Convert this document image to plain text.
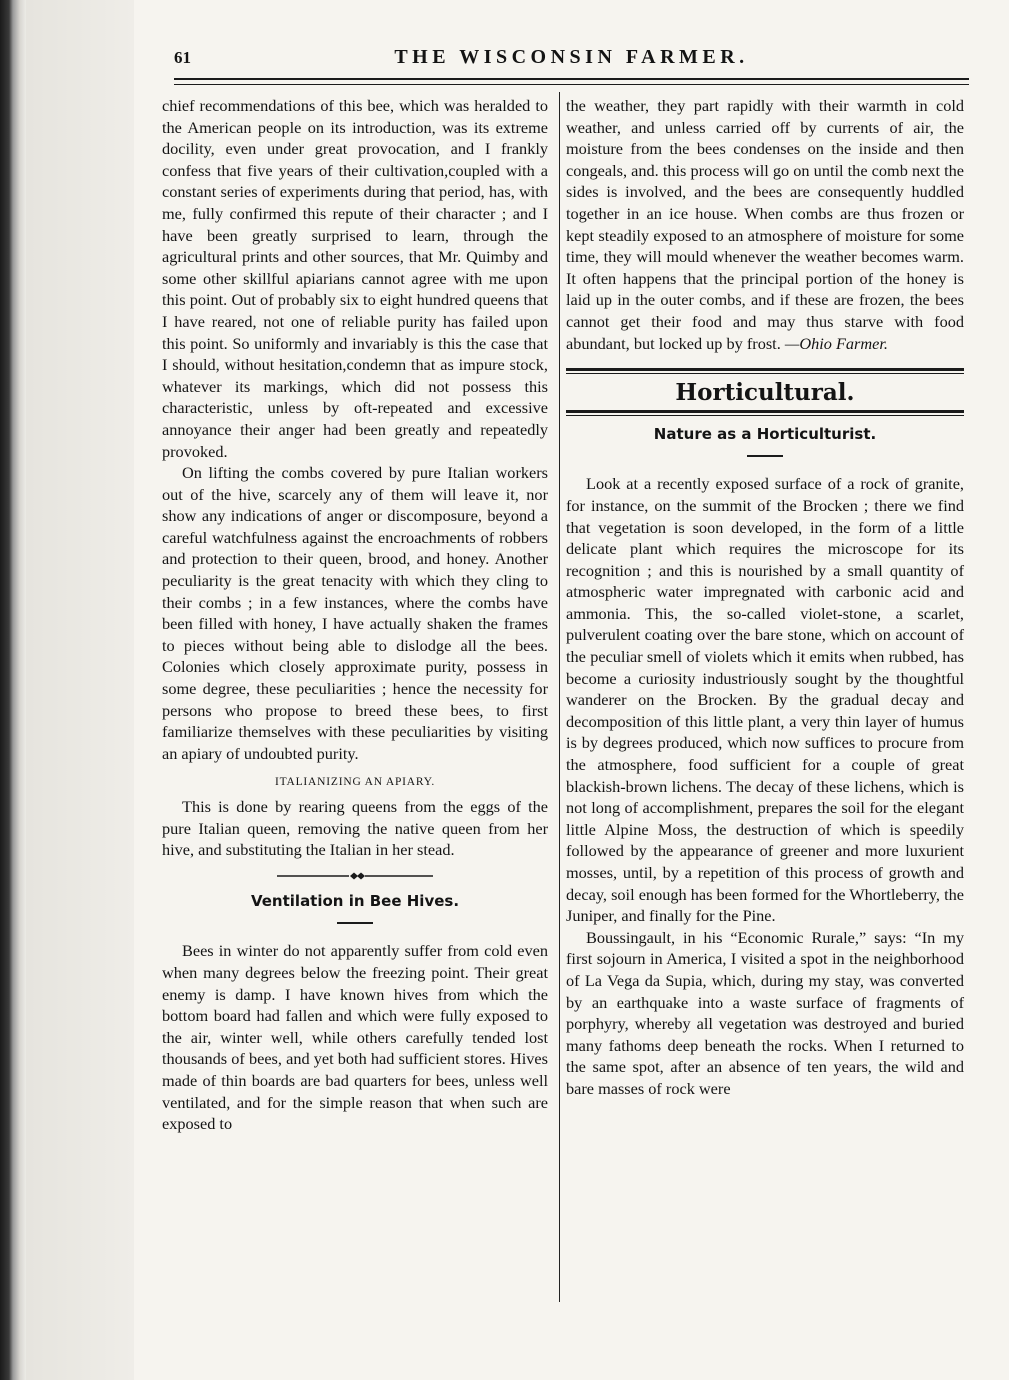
61	THE WISCONSIN FARMER.

chief recommendations of this bee, which was heralded to the American people on its introduction, was its extreme docility, even under great provocation, and I frankly confess that five years of their cultivation,coupled with a constant series of experiments during that period, has, with me, fully confirmed this repute of their character ; and I have been greatly surprised to learn, through the agricultural prints and other sources, that Mr. Quimby and some other skillful apiarians cannot agree with me upon this point. Out of probably six to eight hundred queens that I have reared, not one of reliable purity has failed upon this point. So uniformly and invariably is this the case that I should, without hesitation,condemn that as impure stock, whatever its markings, which did not possess this characteristic, unless by oft-repeated and excessive annoyance their anger had been greatly and repeatedly provoked.

On lifting the combs covered by pure Italian workers out of the hive, scarcely any of them will leave it, nor show any indications of anger or discomposure, beyond a careful watchfulness against the encroachments of robbers and protection to their queen, brood, and honey. Another peculiarity is the great tenacity with which they cling to their combs ; in a few instances, where the combs have been filled with honey, I have actually shaken the frames to pieces without being able to dislodge all the bees. Colonies which closely approximate purity, possess in some degree, these peculiarities ; hence the necessity for persons who propose to breed these bees, to first familiarize themselves with these peculiarities by visiting an apiary of undoubted purity.

ITALIANIZING AN APIARY.

This is done by rearing queens from the eggs of the pure Italian queen, removing the native queen from her hive, and substituting the Italian in her stead.

Ventilation in Bee Hives.

Bees in winter do not apparently suffer from cold even when many degrees below the freezing point. Their great enemy is damp. I have known hives from which the bottom board had fallen and which were fully exposed to the air, winter well, while others carefully tended lost thousands of bees, and yet both had sufficient stores. Hives made of thin boards are bad quarters for bees, unless well ventilated, and for the simple reason that when such are exposed to

the weather, they part rapidly with their warmth in cold weather, and unless carried off by currents of air, the moisture from the bees condenses on the inside and then congeals, and. this process will go on until the comb next the sides is involved, and the bees are consequently huddled together in an ice house. When combs are thus frozen or kept steadily exposed to an atmosphere of moisture for some time, they will mould whenever the weather becomes warm. It often happens that the principal portion of the honey is laid up in the outer combs, and if these are frozen, the bees cannot get their food and may thus starve with food abundant, but locked up by frost. —Ohio Farmer.

Horticultural.
Nature as a Horticulturist.

Look at a recently exposed surface of a rock of granite, for instance, on the summit of the Brocken ; there we find that vegetation is soon developed, in the form of a little delicate plant which requires the microscope for its recognition ; and this is nourished by a small quantity of atmospheric water impregnated with carbonic acid and ammonia. This, the so-called violet-stone, a scarlet, pulverulent coating over the bare stone, which on account of the peculiar smell of violets which it emits when rubbed, has become a curiosity industriously sought by the thoughtful wanderer on the Brocken. By the gradual decay and decomposition of this little plant, a very thin layer of humus is by degrees produced, which now suffices to procure from the atmosphere, food sufficient for a couple of great blackish-brown lichens. The decay of these lichens, which is not long of accomplishment, prepares the soil for the elegant little Alpine Moss, the destruction of which is speedily followed by the appearance of greener and more luxurient mosses, until, by a repetition of this process of growth and decay, soil enough has been formed for the Whortleberry, the Juniper, and finally for the Pine.

Boussingault, in his “Economic Rurale,” says: “In my first sojourn in America, I visited a spot in the neighborhood of La Vega da Supia, which, during my stay, was converted by an earthquake into a waste surface of fragments of porphyry, whereby all vegetation was destroyed and buried many fathoms deep beneath the rocks. When I returned to the same spot, after an absence of ten years, the wild and bare masses of rock were
